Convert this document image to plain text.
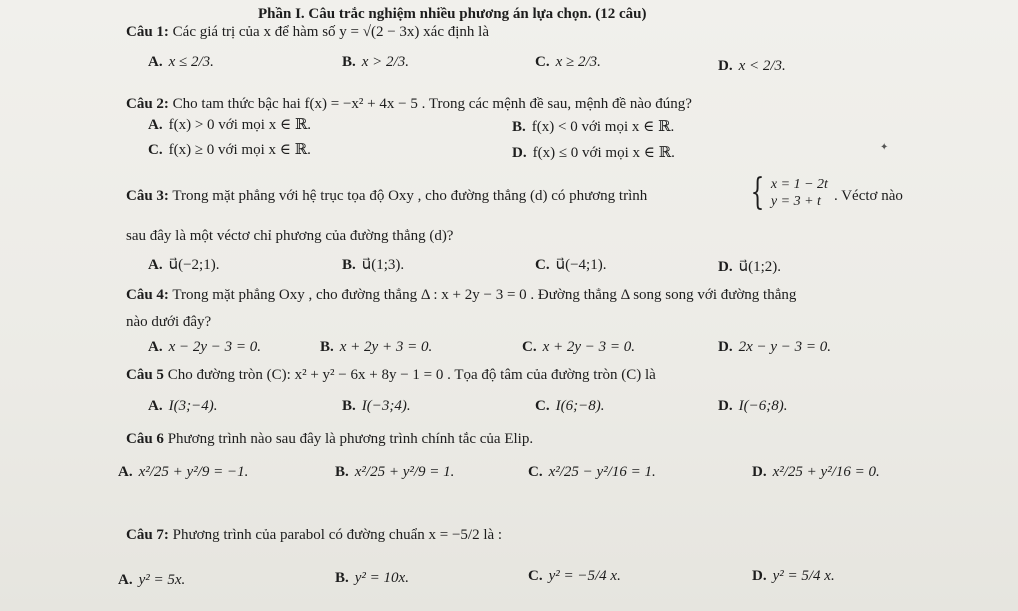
Phần I. Câu trắc nghiệm nhiều phương án lựa chọn. (12 câu)
Câu 1: Các giá trị của x để hàm số y = √(2 − 3x) xác định là
A. x ≤ 2/3.	B. x > 2/3.	C. x ≥ 2/3.	D. x < 2/3.
Câu 2: Cho tam thức bậc hai f(x) = −x² + 4x − 5 . Trong các mệnh đề sau, mệnh đề nào đúng?
A. f(x) > 0 với mọi x ∈ ℝ.	B. f(x) < 0 với mọi x ∈ ℝ.
C. f(x) ≥ 0 với mọi x ∈ ℝ.	D. f(x) ≤ 0 với mọi x ∈ ℝ.	✦
Câu 3: Trong mặt phẳng với hệ trục tọa độ Oxy , cho đường thẳng (d) có phương trình	{ x = 1 − 2t
y = 3 + t . Véctơ nào
sau đây là một véctơ chỉ phương của đường thẳng (d)?
A. u⃗(−2;1).	B. u⃗(1;3).	C. u⃗(−4;1).	D. u⃗(1;2).
Câu 4: Trong mặt phẳng Oxy , cho đường thẳng Δ : x + 2y − 3 = 0 . Đường thẳng Δ song song với đường thẳng
nào dưới đây?
A. x − 2y − 3 = 0.	B. x + 2y + 3 = 0.	C. x + 2y − 3 = 0.	D. 2x − y − 3 = 0.
Câu 5 Cho đường tròn (C): x² + y² − 6x + 8y − 1 = 0 . Tọa độ tâm của đường tròn (C) là
A. I(3;−4).	B. I(−3;4).	C. I(6;−8).	D. I(−6;8).
Câu 6 Phương trình nào sau đây là phương trình chính tắc của Elip.
A. x²/25 + y²/9 = −1.	B. x²/25 + y²/9 = 1.	C. x²/25 − y²/16 = 1.	D. x²/25 + y²/16 = 0.
Câu 7: Phương trình của parabol có đường chuẩn x = −5/2 là :
A. y² = 5x.	B. y² = 10x.	C. y² = −5/4 x.	D. y² = 5/4 x.
